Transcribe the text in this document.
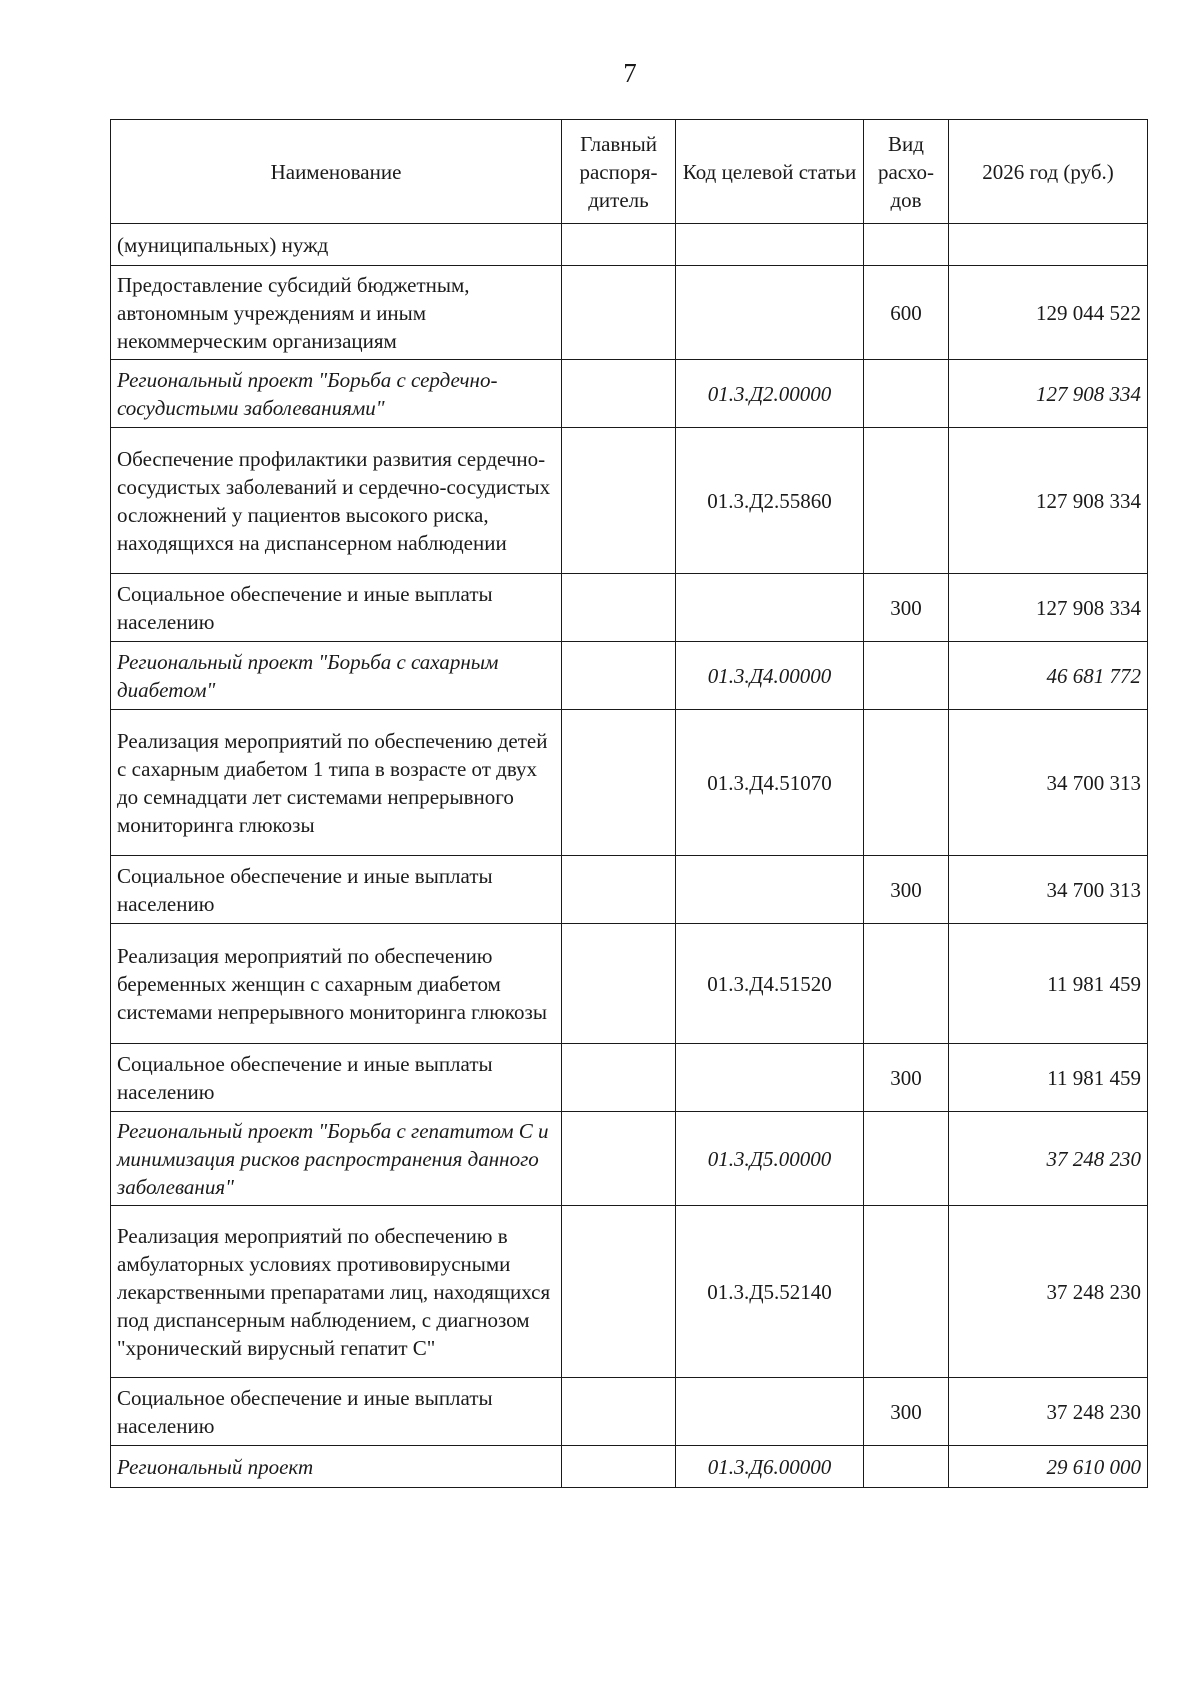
7
Наименование	Главный распоря-дитель	Код целевой статьи	Вид расхо-дов	2026 год (руб.)
(муниципальных) нужд				
Предоставление субсидий бюджетным, автономным учреждениям и иным некоммерческим организациям			600	129 044 522
Региональный проект "Борьба с сердечно-сосудистыми заболеваниями"		01.3.Д2.00000		127 908 334
Обеспечение профилактики развития сердечно-сосудистых заболеваний и сердечно-сосудистых осложнений у пациентов высокого риска, находящихся на диспансерном наблюдении		01.3.Д2.55860		127 908 334
Социальное обеспечение и иные выплаты населению			300	127 908 334
Региональный проект "Борьба с сахарным диабетом"		01.3.Д4.00000		46 681 772
Реализация мероприятий по обеспечению детей с сахарным диабетом 1 типа в возрасте от двух до семнадцати лет системами непрерывного мониторинга глюкозы		01.3.Д4.51070		34 700 313
Социальное обеспечение и иные выплаты населению			300	34 700 313
Реализация мероприятий по обеспечению беременных женщин с сахарным диабетом системами непрерывного мониторинга глюкозы		01.3.Д4.51520		11 981 459
Социальное обеспечение и иные выплаты населению			300	11 981 459
Региональный проект "Борьба с гепатитом С и минимизация рисков распространения данного заболевания"		01.3.Д5.00000		37 248 230
Реализация мероприятий по обеспечению в амбулаторных условиях противовирусными лекарственными препаратами лиц, находящихся под диспансерным наблюдением, с диагнозом "хронический вирусный гепатит С"		01.3.Д5.52140		37 248 230
Социальное обеспечение и иные выплаты населению			300	37 248 230
Региональный проект		01.3.Д6.00000		29 610 000
